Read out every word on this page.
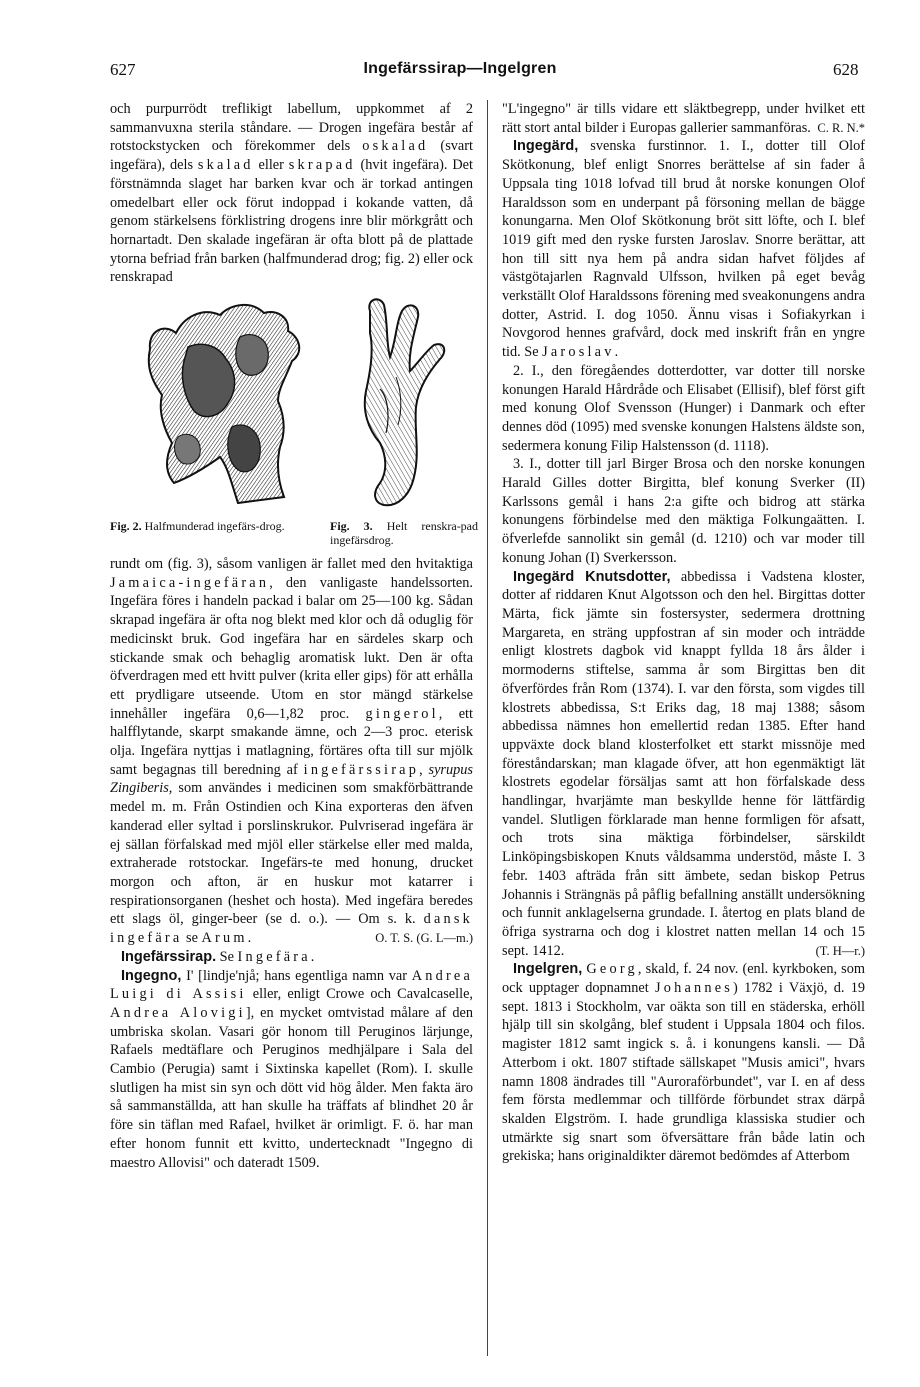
627	Ingefärssirap—Ingelgren	628

och purpurrödt treflikigt labellum, uppkommet af 2 sammanvuxna sterila ståndare. — Drogen ingefära består af rotstockstycken och förekommer dels oskalad (svart ingefära), dels skalad eller skrapad (hvit ingefära). Det förstnämnda slaget har barken kvar och är torkad antingen omedelbart eller ock förut indoppad i kokande vatten, då genom stärkelsens förklistring drogens inre blir mörkgrått och hornartadt. Den skalade ingefäran är ofta blott på de plattade ytorna befriad från barken (halfmunderad drog; fig. 2) eller ock renskrapad

Fig. 2. Halfmunderad ingefärs-drog.	Fig. 3. Helt renskra-pad ingefärsdrog.

rundt om (fig. 3), såsom vanligen är fallet med den hvitaktiga Jamaica-ingefäran, den vanligaste handelssorten. Ingefära föres i handeln packad i balar om 25—100 kg. Sådan skrapad ingefära är ofta nog blekt med klor och då oduglig för medicinskt bruk. God ingefära har en särdeles skarp och stickande smak och behaglig aromatisk lukt. Den är ofta öfverdragen med ett hvitt pulver (krita eller gips) för att erhålla ett prydligare utseende. Utom en stor mängd stärkelse innehåller ingefära 0,6—1,82 proc. gingerol, ett halfflytande, skarpt smakande ämne, och 2—3 proc. eterisk olja. Ingefära nyttjas i matlagning, förtäres ofta till sur mjölk samt begagnas till beredning af ingefärssirap, syrupus Zingiberis, som användes i medicinen som smakförbättrande medel m. m. Från Ostindien och Kina exporteras den äfven kanderad eller syltad i porslinskrukor. Pulvriserad ingefära är ej sällan förfalskad med mjöl eller stärkelse eller med malda, extraherade rotstockar. Ingefärs-te med honung, drucket morgon och afton, är en huskur mot katarrer i respirationsorganen (heshet och hosta). Med ingefära beredes ett slags öl, ginger-beer (se d. o.). — Om s. k. dansk ingefära se Arum.	O. T. S. (G. L—m.)

Ingefärssirap. Se Ingefära.

Ingegno, I' [lindje'njå; hans egentliga namn var Andrea Luigi di Assisi eller, enligt Crowe och Cavalcaselle, Andrea Alovigi], en mycket omtvistad målare af den umbriska skolan. Vasari gör honom till Peruginos lärjunge, Rafaels medtäflare och Peruginos medhjälpare i Sala del Cambio (Perugia) samt i Sixtinska kapellet (Rom). I. skulle slutligen ha mist sin syn och dött vid hög ålder. Men fakta äro så sammanställda, att han skulle ha träffats af blindhet 20 år före sin täflan med Rafael, hvilket är orimligt. F. ö. har man efter honom funnit ett kvitto, undertecknadt "Ingegno di maestro Allovisi" och dateradt 1509.

"L'ingegno" är tills vidare ett släktbegrepp, under hvilket ett rätt stort antal bilder i Europas gallerier sammanföras. C. R. N.*

Ingegärd, svenska furstinnor. 1. I., dotter till Olof Skötkonung, blef enligt Snorres berättelse af sin fader å Uppsala ting 1018 lofvad till brud åt norske konungen Olof Haraldsson som en underpant på försoning mellan de bägge konungarna. Men Olof Skötkonung bröt sitt löfte, och I. blef 1019 gift med den ryske fursten Jaroslav. Snorre berättar, att hon till sitt nya hem på andra sidan hafvet följdes af västgötajarlen Ragnvald Ulfsson, hvilken på eget bevåg verkställt Olof Haraldssons förening med sveakonungens andra dotter, Astrid. I. dog 1050. Ännu visas i Sofiakyrkan i Novgorod hennes grafvård, dock med inskrift från en yngre tid. Se Jaroslav.

2. I., den föregåendes dotterdotter, var dotter till norske konungen Harald Hårdråde och Elisabet (Ellisif), blef först gift med konung Olof Svensson (Hunger) i Danmark och efter dennes död (1095) med svenske konungen Halstens äldste son, sedermera konung Filip Halstensson (d. 1118).

3. I., dotter till jarl Birger Brosa och den norske konungen Harald Gilles dotter Birgitta, blef konung Sverker (II) Karlssons gemål i hans 2:a gifte och bidrog att stärka konungens förbindelse med den mäktiga Folkungaätten. I. öfverlefde sannolikt sin gemål (d. 1210) och var moder till konung Johan (I) Sverkersson.

Ingegärd Knutsdotter, abbedissa i Vadstena kloster, dotter af riddaren Knut Algotsson och den hel. Birgittas dotter Märta, fick jämte sin fostersyster, sedermera drottning Margareta, en sträng uppfostran af sin moder och inträdde enligt klostrets dagbok vid knappt fyllda 18 års ålder i mormoderns stiftelse, samma år som Birgittas ben dit öfverfördes från Rom (1374). I. var den första, som vigdes till klostrets abbedissa, S:t Eriks dag, 18 maj 1388; såsom abbedissa nämnes hon emellertid redan 1385. Efter hand uppväxte dock bland klosterfolket ett starkt missnöje med föreståndarskan; man klagade öfver, att hon egenmäktigt lät klostrets egodelar försäljas samt att hon förfalskade dess handlingar, hvarjämte man beskyllde henne för lättfärdig vandel. Slutligen förklarade man henne formligen för afsatt, och trots sina mäktiga förbindelser, särskildt Linköpingsbiskopen Knuts våldsamma understöd, måste I. 3 febr. 1403 afträda från sitt ämbete, sedan biskop Petrus Johannis i Strängnäs på påflig befallning anställt undersökning och funnit anklagelserna grundade. I. återtog en plats bland de öfriga systrarna och dog i klostret natten mellan 14 och 15 sept. 1412.	(T. H—r.)

Ingelgren, Georg, skald, f. 24 nov. (enl. kyrkboken, som ock upptager dopnamnet Johannes) 1782 i Växjö, d. 19 sept. 1813 i Stockholm, var oäkta son till en städerska, erhöll hjälp till sin skolgång, blef student i Uppsala 1804 och filos. magister 1812 samt ingick s. å. i konungens kansli. — Då Atterbom i okt. 1807 stiftade sällskapet "Musis amici", hvars namn 1808 ändrades till "Auroraförbundet", var I. en af dess fem första medlemmar och tillförde förbundet strax därpå skalden Elgström. I. hade grundliga klassiska studier och utmärkte sig snart som öfversättare från både latin och grekiska; hans originaldikter däremot bedömdes af Atterbom
